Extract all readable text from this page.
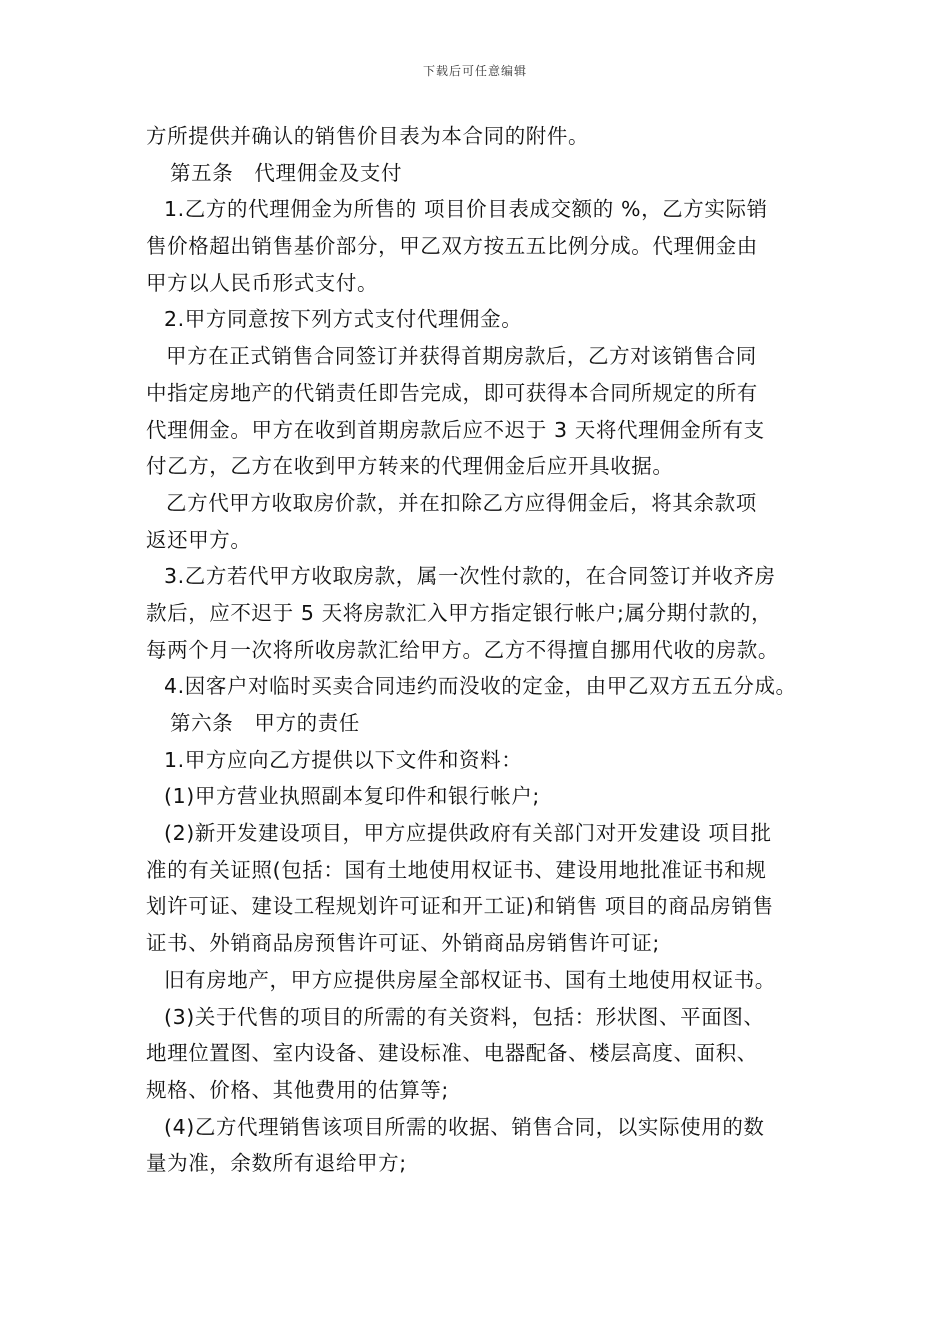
下载后可任意编辑
方所提供并确认的销售价目表为本合同的附件。
第五条　代理佣金及支付
1.乙方的代理佣金为所售的 项目价目表成交额的 %，乙方实际销
售价格超出销售基价部分，甲乙双方按五五比例分成。代理佣金由
甲方以人民币形式支付。
2.甲方同意按下列方式支付代理佣金。
甲方在正式销售合同签订并获得首期房款后，乙方对该销售合同
中指定房地产的代销责任即告完成，即可获得本合同所规定的所有
代理佣金。甲方在收到首期房款后应不迟于 3 天将代理佣金所有支
付乙方，乙方在收到甲方转来的代理佣金后应开具收据。
乙方代甲方收取房价款，并在扣除乙方应得佣金后，将其余款项
返还甲方。
3.乙方若代甲方收取房款，属一次性付款的，在合同签订并收齐房
款后，应不迟于 5 天将房款汇入甲方指定银行帐户;属分期付款的，
每两个月一次将所收房款汇给甲方。乙方不得擅自挪用代收的房款。
4.因客户对临时买卖合同违约而没收的定金，由甲乙双方五五分成。
第六条　甲方的责任
1.甲方应向乙方提供以下文件和资料：
(1)甲方营业执照副本复印件和银行帐户;
(2)新开发建设项目，甲方应提供政府有关部门对开发建设 项目批
准的有关证照(包括：国有土地使用权证书、建设用地批准证书和规
划许可证、建设工程规划许可证和开工证)和销售 项目的商品房销售
证书、外销商品房预售许可证、外销商品房销售许可证;
旧有房地产，甲方应提供房屋全部权证书、国有土地使用权证书。
(3)关于代售的项目的所需的有关资料，包括：形状图、平面图、
地理位置图、室内设备、建设标准、电器配备、楼层高度、面积、
规格、价格、其他费用的估算等;
(4)乙方代理销售该项目所需的收据、销售合同，以实际使用的数
量为准，余数所有退给甲方;
